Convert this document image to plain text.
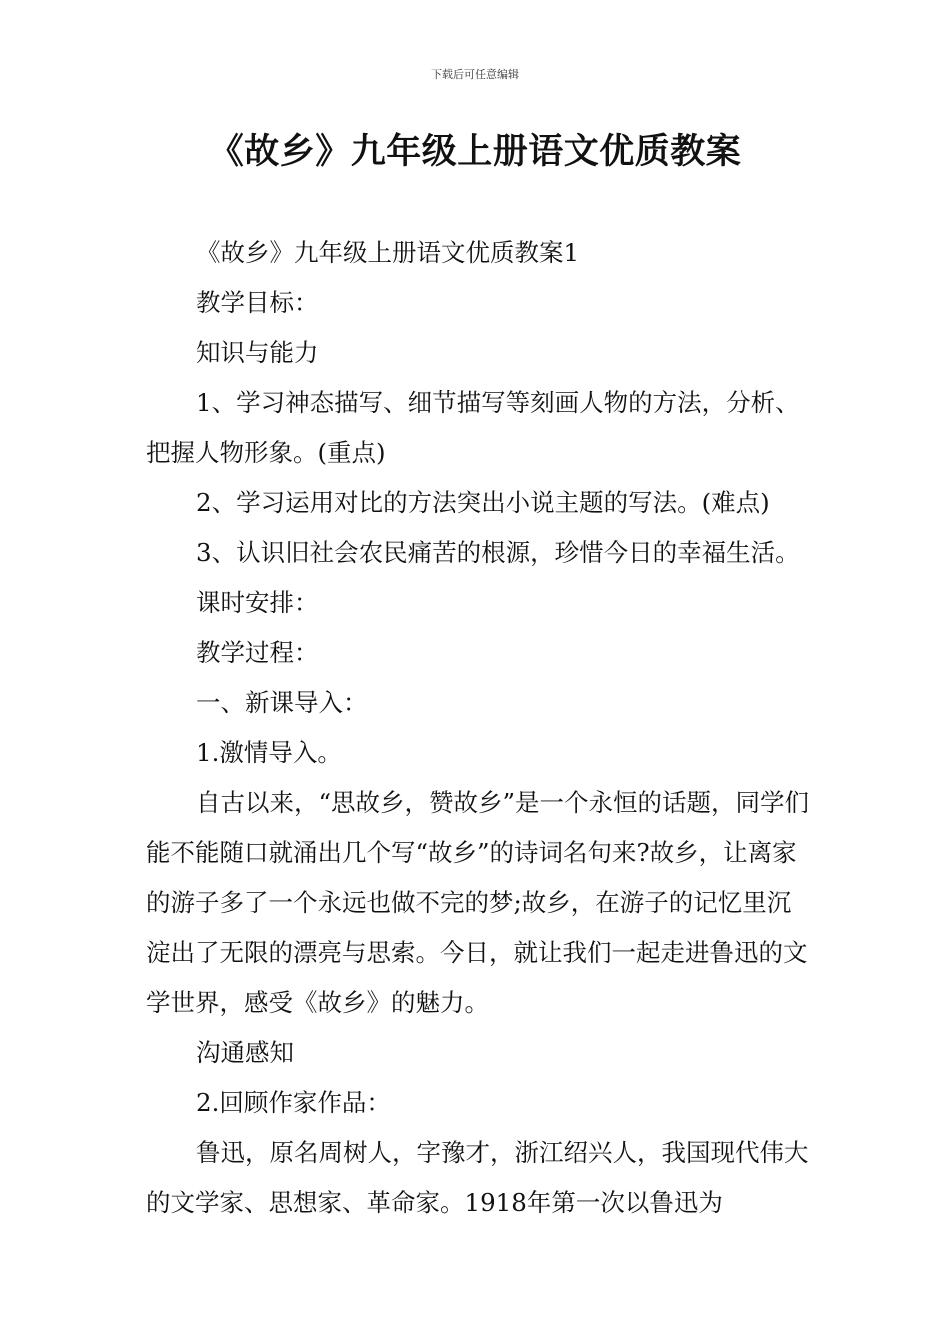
下载后可任意编辑
《故乡》九年级上册语文优质教案

《故乡》九年级上册语文优质教案1

教学目标：

知识与能力

1、学习神态描写、细节描写等刻画人物的方法，分析、把握人物形象。(重点)

2、学习运用对比的方法突出小说主题的写法。(难点)

3、认识旧社会农民痛苦的根源，珍惜今日的幸福生活。

课时安排：

教学过程：

一、新课导入：

1.激情导入。

自古以来，“思故乡，赞故乡”是一个永恒的话题，同学们能不能随口就涌出几个写“故乡”的诗词名句来?故乡，让离家的游子多了一个永远也做不完的梦;故乡，在游子的记忆里沉淀出了无限的漂亮与思索。今日，就让我们一起走进鲁迅的文学世界，感受《故乡》的魅力。

沟通感知

2.回顾作家作品：

鲁迅，原名周树人，字豫才，浙江绍兴人，我国现代伟大的文学家、思想家、革命家。1918年第一次以鲁迅为
